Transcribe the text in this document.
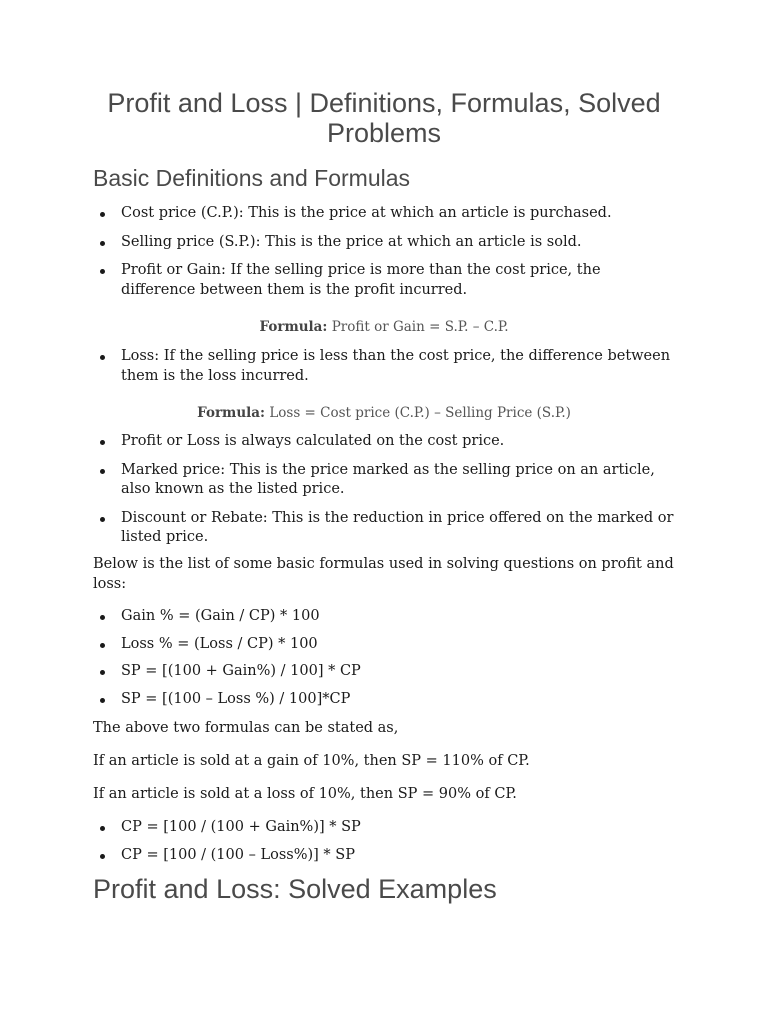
Profit and Loss | Definitions, Formulas, Solved Problems
Basic Definitions and Formulas
Cost price (C.P.): This is the price at which an article is purchased.
Selling price (S.P.): This is the price at which an article is sold.
Profit or Gain: If the selling price is more than the cost price, the difference between them is the profit incurred.

Formula: Profit or Gain = S.P. – C.P.

Loss: If the selling price is less than the cost price, the difference between them is the loss incurred.

Formula: Loss = Cost price (C.P.) – Selling Price (S.P.)

Profit or Loss is always calculated on the cost price.
Marked price: This is the price marked as the selling price on an article, also known as the listed price.
Discount or Rebate: This is the reduction in price offered on the marked or listed price.

Below is the list of some basic formulas used in solving questions on profit and loss:

Gain % = (Gain / CP) * 100
Loss % = (Loss / CP) * 100
SP = [(100 + Gain%) / 100] * CP
SP = [(100 – Loss %) / 100]*CP

The above two formulas can be stated as,

If an article is sold at a gain of 10%, then SP = 110% of CP.

If an article is sold at a loss of 10%, then SP = 90% of CP.

CP = [100 / (100 + Gain%)] * SP
CP = [100 / (100 – Loss%)] * SP
Profit and Loss: Solved Examples
